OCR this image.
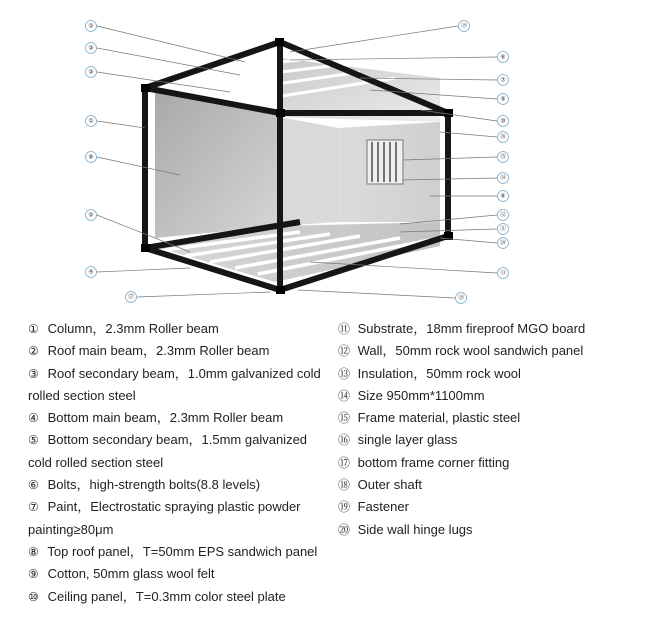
②
③
③
①
⑧
⑤
④
⑰
⑲
⑥
⑦
⑨
⑩
⑯
⑮
⑭
⑧
⑫
⑪
⑳
⑬
⑱

① Column，2.3mm Roller beam

② Roof main beam，2.3mm Roller beam

③ Roof secondary beam，1.0mm galvanized cold rolled section steel

④ Bottom main beam，2.3mm Roller beam

⑤ Bottom secondary beam，1.5mm galvanized cold rolled section steel

⑥ Bolts，high-strength bolts(8.8 levels)

⑦ Paint，Electrostatic spraying plastic powder painting≥80μm

⑧ Top roof panel，T=50mm EPS sandwich panel

⑨ Cotton, 50mm glass wool felt

⑩ Ceiling panel，T=0.3mm color steel plate

⑪ Substrate，18mm fireproof MGO board

⑫ Wall，50mm rock wool sandwich panel

⑬ Insulation，50mm rock wool

⑭ Size 950mm*1100mm

⑮ Frame material, plastic steel

⑯ single layer glass

⑰ bottom frame corner fitting

⑱ Outer shaft

⑲ Fastener

⑳ Side wall hinge lugs
